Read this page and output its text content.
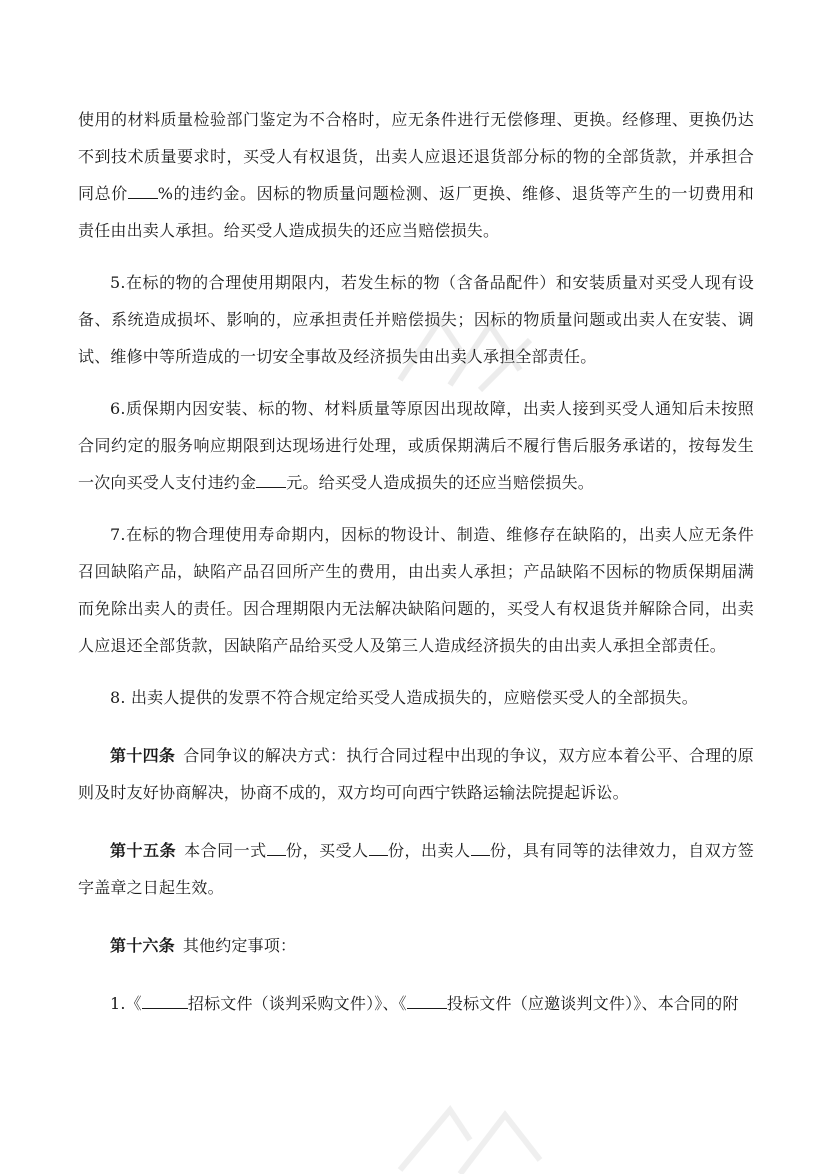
使用的材料质量检验部门鉴定为不合格时，应无条件进行无偿修理、更换。经修理、更换仍达不到技术质量要求时，买受人有权退货，出卖人应退还退货部分标的物的全部货款，并承担合同总价 %的违约金。因标的物质量问题检测、返厂更换、维修、退货等产生的一切费用和责任由出卖人承担。给买受人造成损失的还应当赔偿损失。

5.在标的物的合理使用期限内，若发生标的物（含备品配件）和安装质量对买受人现有设备、系统造成损坏、影响的，应承担责任并赔偿损失；因标的物质量问题或出卖人在安装、调试、维修中等所造成的一切安全事故及经济损失由出卖人承担全部责任。

6.质保期内因安装、标的物、材料质量等原因出现故障，出卖人接到买受人通知后未按照合同约定的服务响应期限到达现场进行处理，或质保期满后不履行售后服务承诺的，按每发生一次向买受人支付违约金 元。给买受人造成损失的还应当赔偿损失。

7.在标的物合理使用寿命期内，因标的物设计、制造、维修存在缺陷的，出卖人应无条件召回缺陷产品，缺陷产品召回所产生的费用，由出卖人承担；产品缺陷不因标的物质保期届满而免除出卖人的责任。因合理期限内无法解决缺陷问题的，买受人有权退货并解除合同，出卖人应退还全部货款，因缺陷产品给买受人及第三人造成经济损失的由出卖人承担全部责任。

8. 出卖人提供的发票不符合规定给买受人造成损失的，应赔偿买受人的全部损失。

第十四条 合同争议的解决方式：执行合同过程中出现的争议，双方应本着公平、合理的原则及时友好协商解决，协商不成的，双方均可向西宁铁路运输法院提起诉讼。

第十五条 本合同一式 份，买受人 份，出卖人 份，具有同等的法律效力，自双方签字盖章之日起生效。

第十六条 其他约定事项：

1.《	招标文件（谈判采购文件）》、《	投标文件（应邀谈判文件）》、本合同的附
